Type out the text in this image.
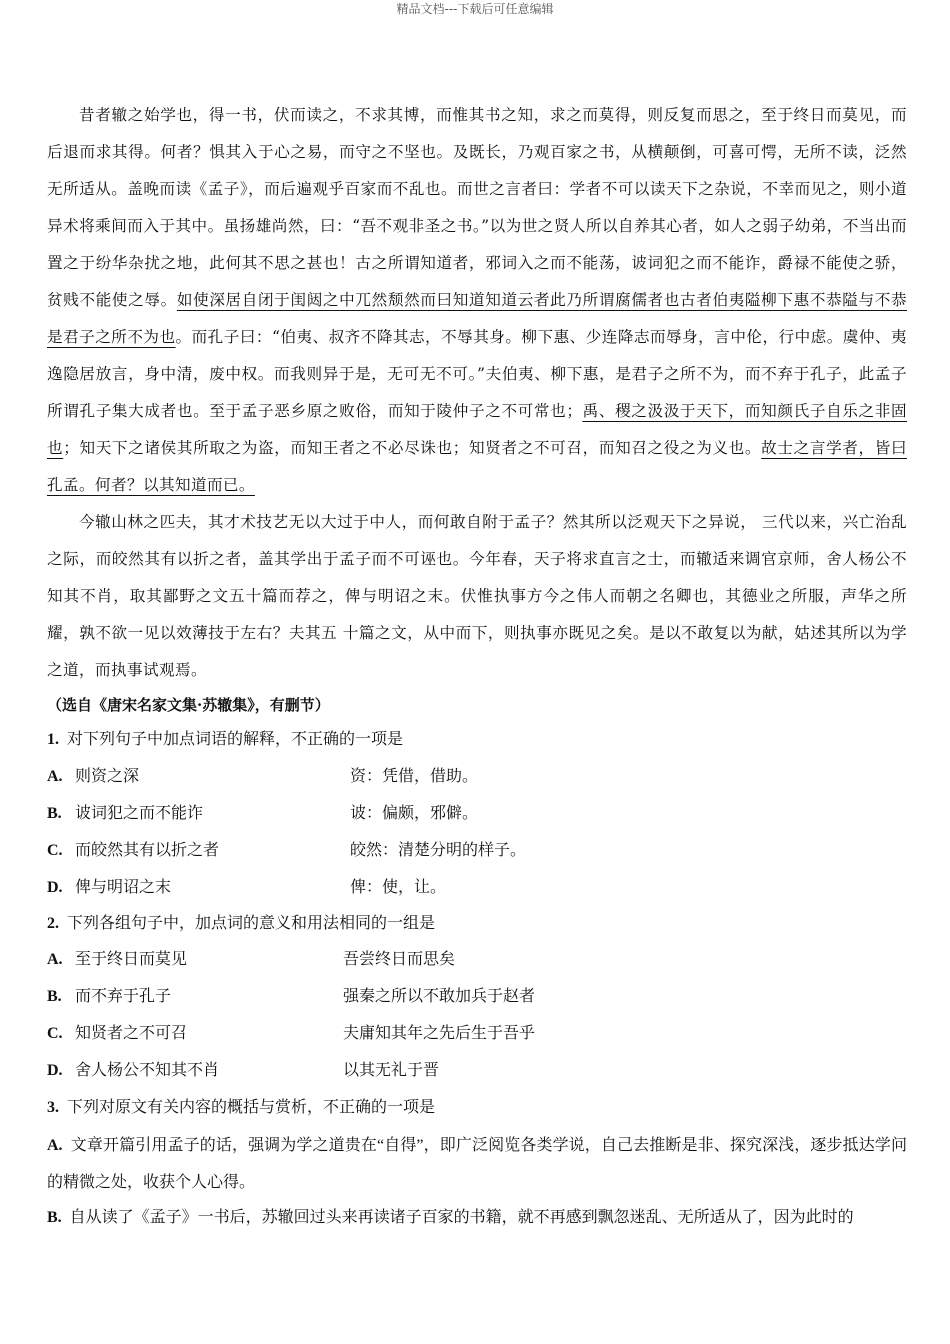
精品文档---下载后可任意编辑

昔者辙之始学也，得一书，伏而读之，不求其博，而惟其书之知，求之而莫得，则反复而思之，至于终日而莫见，而后退而求其得。何者？惧其入于心之易，而守之不坚也。及既长，乃观百家之书，从横颠倒，可喜可愕，无所不读，泛然无所适从。盖晚而读《孟子》，而后遍观乎百家而不乱也。而世之言者曰：学者不可以读天下之杂说，不幸而见之，则小道异术将乘间而入于其中。虽扬雄尚然，曰：“吾不观非圣之书。”以为世之贤人所以自养其心者，如人之弱子幼弟，不当出而置之于纷华杂扰之地，此何其不思之甚也！古之所谓知道者，邪词入之而不能荡，诐词犯之而不能诈，爵禄不能使之骄，贫贱不能使之辱。如使深居自闭于闺闼之中兀然颓然而曰知道知道云者此乃所谓腐儒者也古者伯夷隘柳下惠不恭隘与不恭是君子之所不为也。而孔子曰：“伯夷、叔齐不降其志，不辱其身。柳下惠、少连降志而辱身，言中伦，行中虑。虞仲、夷逸隐居放言，身中清，废中权。而我则异于是，无可无不可。”夫伯夷、柳下惠，是君子之所不为，而不弃于孔子，此孟子所谓孔子集大成者也。至于孟子恶乡原之败俗，而知于陵仲子之不可常也；禹、稷之汲汲于天下，而知颜氏子自乐之非固也；知天下之诸侯其所取之为盗，而知王者之不必尽诛也；知贤者之不可召，而知召之役之为义也。故士之言学者，皆曰孔孟。何者？以其知道而已。

今辙山林之匹夫，其才术技艺无以大过于中人，而何敢自附于孟子？然其所以泛观天下之异说， 三代以来，兴亡治乱之际，而皎然其有以折之者，盖其学出于孟子而不可诬也。今年春，天子将求直言之士，而辙适来调官京师，舍人杨公不知其不肖，取其鄙野之文五十篇而荐之，俾与明诏之末。伏惟执事方今之伟人而朝之名卿也，其德业之所服，声华之所耀，孰不欲一见以效薄技于左右？夫其五 十篇之文，从中而下，则执事亦既见之矣。是以不敢复以为献，姑述其所以为学之道，而执事试观焉。

（选自《唐宋名家文集·苏辙集》，有删节）
1. 对下列句子中加点词语的解释，不正确的一项是
A. 则资之深	资：凭借，借助。
B. 诐词犯之而不能诈	诐：偏颇，邪僻。
C. 而皎然其有以折之者	皎然：清楚分明的样子。
D. 俾与明诏之末	俾：使，让。
2. 下列各组句子中，加点词的意义和用法相同的一组是
A. 至于终日而莫见	吾尝终日而思矣
B. 而不弃于孔子	强秦之所以不敢加兵于赵者
C. 知贤者之不可召	夫庸知其年之先后生于吾乎
D. 舍人杨公不知其不肖	以其无礼于晋
3. 下列对原文有关内容的概括与赏析，不正确的一项是
A. 文章开篇引用孟子的话，强调为学之道贵在“自得”，即广泛阅览各类学说，自己去推断是非、探究深浅，逐步抵达学问的精微之处，收获个人心得。
B. 自从读了《孟子》一书后，苏辙回过头来再读诸子百家的书籍，就不再感到飘忽迷乱、无所适从了，因为此时的
